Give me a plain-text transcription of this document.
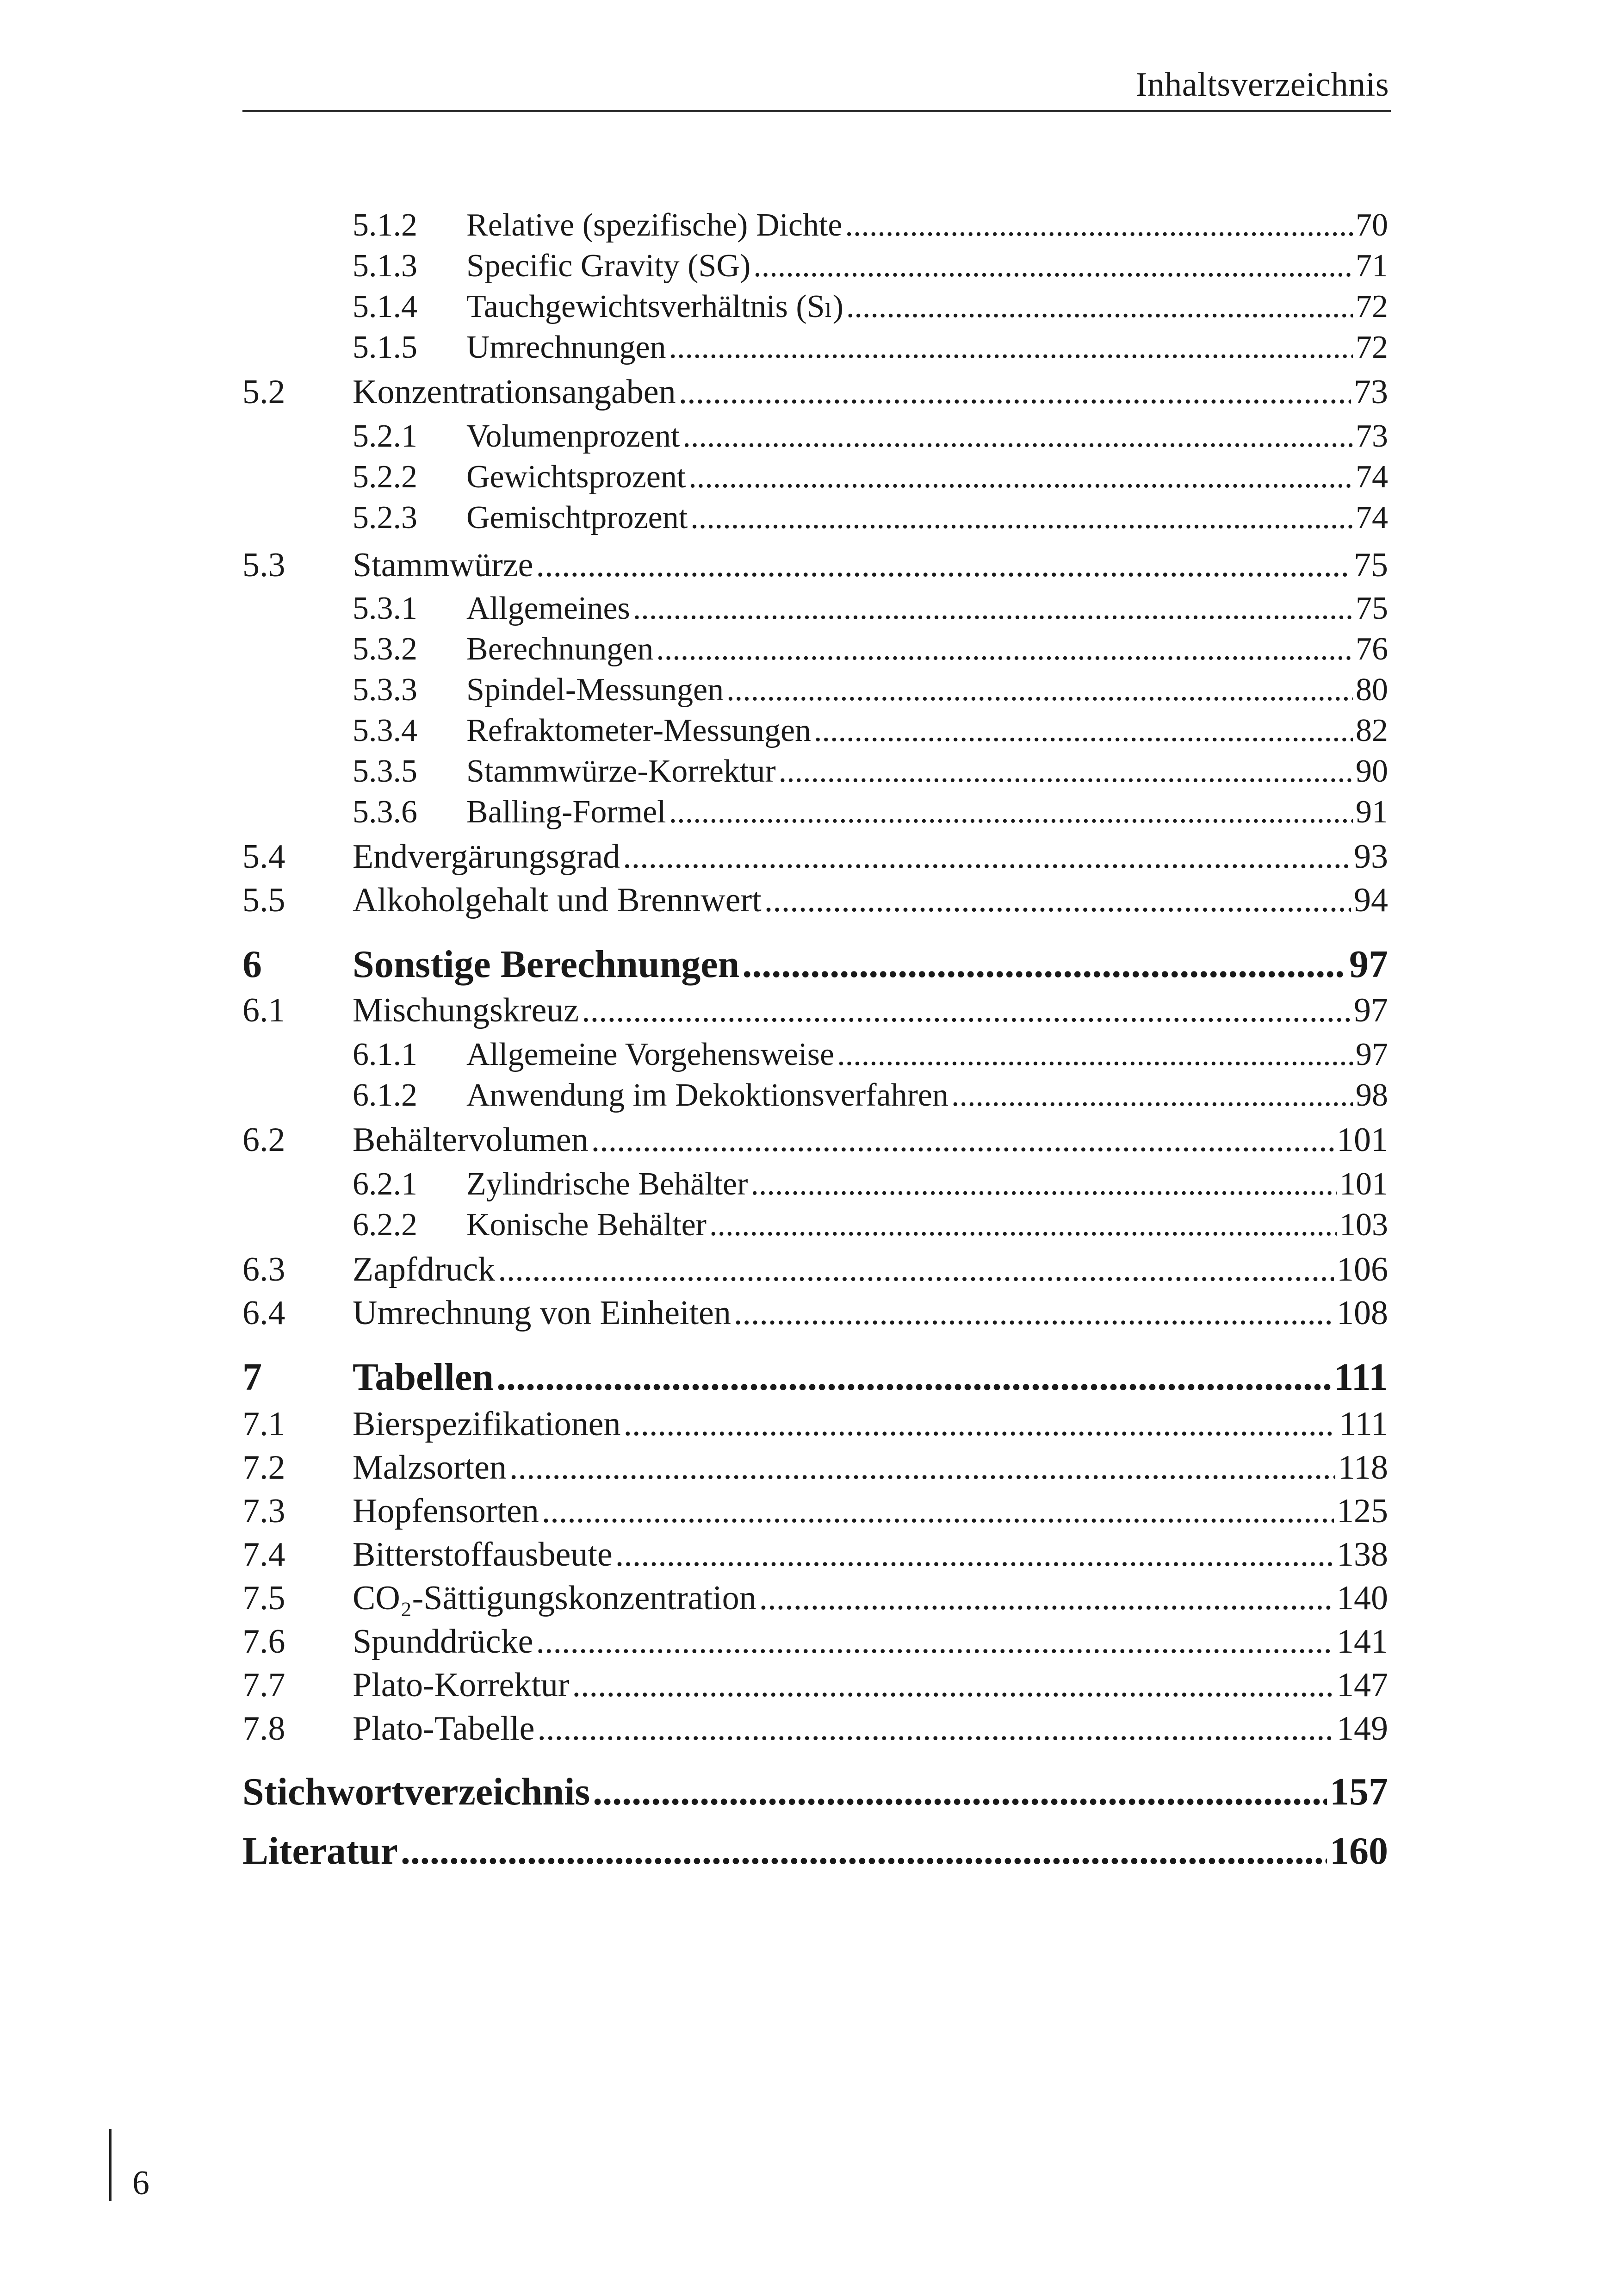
Inhaltsverzeichnis
5.1.2 Relative (spezifische) Dichte .....	70
5.1.3 Specific Gravity (SG) .....	71
5.1.4 Tauchgewichtsverhältnis (Sₗ) .....	72
5.1.5 Umrechnungen .....	72
5.2 Konzentrationsangaben .....	73
5.2.1 Volumenprozent .....	73
5.2.2 Gewichtsprozent .....	74
5.2.3 Gemischtprozent .....	74
5.3 Stammwürze .....	75
5.3.1 Allgemeines .....	75
5.3.2 Berechnungen .....	76
5.3.3 Spindel-Messungen .....	80
5.3.4 Refraktometer-Messungen .....	82
5.3.5 Stammwürze-Korrektur .....	90
5.3.6 Balling-Formel .....	91
5.4 Endvergärungsgrad .....	93
5.5 Alkoholgehalt und Brennwert .....	94
6 Sonstige Berechnungen .....	97
6.1 Mischungskreuz .....	97
6.1.1 Allgemeine Vorgehensweise .....	97
6.1.2 Anwendung im Dekoktionsverfahren .....	98
6.2 Behältervolumen .....	101
6.2.1 Zylindrische Behälter .....	101
6.2.2 Konische Behälter .....	103
6.3 Zapfdruck .....	106
6.4 Umrechnung von Einheiten .....	108
7 Tabellen .....	111
7.1 Bierspezifikationen .....	111
7.2 Malzsorten .....	118
7.3 Hopfensorten .....	125
7.4 Bitterstoffausbeute .....	138
7.5 CO₂-Sättigungskonzentration .....	140
7.6 Spunddrücke .....	141
7.7 Plato-Korrektur .....	147
7.8 Plato-Tabelle .....	149
Stichwortverzeichnis .....	157
Literatur .....	160
6
